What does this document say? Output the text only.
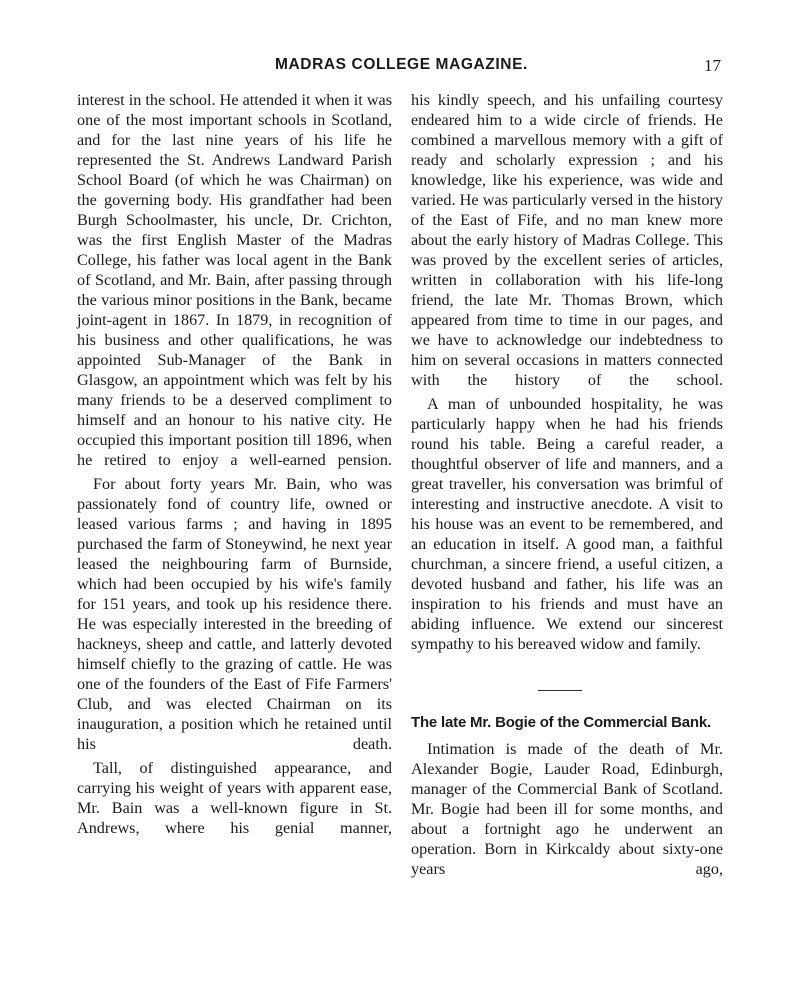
MADRAS COLLEGE MAGAZINE.	17

interest in the school. He attended it when it was one of the most important schools in Scotland, and for the last nine years of his life he represented the St. Andrews Landward Parish School Board (of which he was Chairman) on the governing body. His grandfather had been Burgh Schoolmaster, his uncle, Dr. Crichton, was the first English Master of the Madras College, his father was local agent in the Bank of Scotland, and Mr. Bain, after passing through the various minor positions in the Bank, became joint-agent in 1867. In 1879, in recognition of his business and other qualifications, he was appointed Sub-Manager of the Bank in Glasgow, an appointment which was felt by his many friends to be a deserved compliment to himself and an honour to his native city. He occupied this important position till 1896, when he retired to enjoy a well-earned pension.

For about forty years Mr. Bain, who was passionately fond of country life, owned or leased various farms ; and having in 1895 purchased the farm of Stoneywind, he next year leased the neighbouring farm of Burnside, which had been occupied by his wife's family for 151 years, and took up his residence there. He was especially interested in the breeding of hackneys, sheep and cattle, and latterly devoted himself chiefly to the grazing of cattle. He was one of the founders of the East of Fife Farmers' Club, and was elected Chairman on its inauguration, a position which he retained until his death.

Tall, of distinguished appearance, and carrying his weight of years with apparent ease, Mr. Bain was a well-known figure in St. Andrews, where his genial manner,

his kindly speech, and his unfailing courtesy endeared him to a wide circle of friends. He combined a marvellous memory with a gift of ready and scholarly expression ; and his knowledge, like his experience, was wide and varied. He was particularly versed in the history of the East of Fife, and no man knew more about the early history of Madras College. This was proved by the excellent series of articles, written in collaboration with his life-long friend, the late Mr. Thomas Brown, which appeared from time to time in our pages, and we have to acknowledge our indebtedness to him on several occasions in matters connected with the history of the school.

A man of unbounded hospitality, he was particularly happy when he had his friends round his table. Being a careful reader, a thoughtful observer of life and manners, and a great traveller, his conversation was brimful of interesting and instructive anecdote. A visit to his house was an event to be remembered, and an education in itself. A good man, a faithful churchman, a sincere friend, a useful citizen, a devoted husband and father, his life was an inspiration to his friends and must have an abiding influence. We extend our sincerest sympathy to his bereaved widow and family.

The late Mr. Bogie of the Commercial Bank.

Intimation is made of the death of Mr. Alexander Bogie, Lauder Road, Edinburgh, manager of the Commercial Bank of Scotland. Mr. Bogie had been ill for some months, and about a fortnight ago he underwent an operation. Born in Kirkcaldy about sixty-one years ago,
